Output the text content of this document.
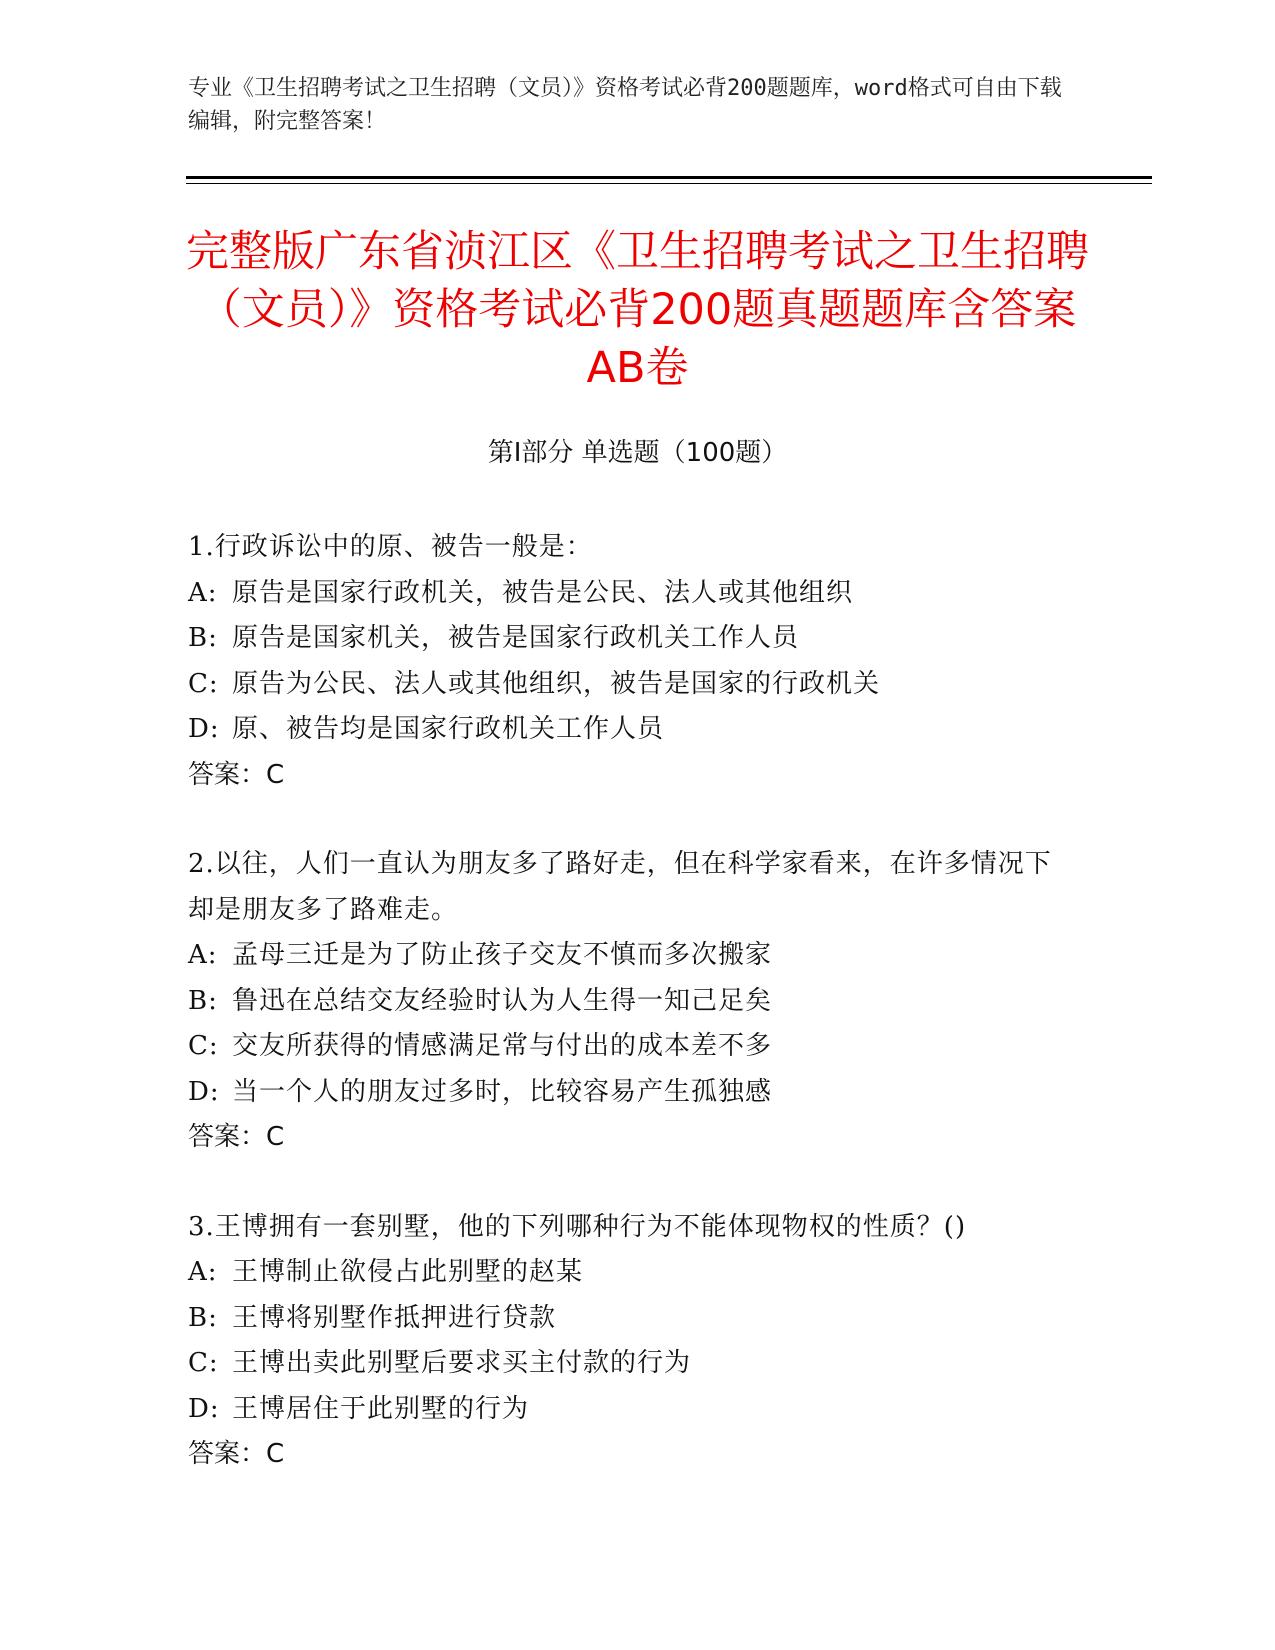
专业《卫生招聘考试之卫生招聘（文员）》资格考试必背200题题库，word格式可自由下载编辑，附完整答案！
完整版广东省浈江区《卫生招聘考试之卫生招聘（文员）》资格考试必背200题真题题库含答案AB卷
第I部分 单选题（100题）
1.行政诉讼中的原、被告一般是：
A: 原告是国家行政机关，被告是公民、法人或其他组织
B: 原告是国家机关，被告是国家行政机关工作人员
C: 原告为公民、法人或其他组织，被告是国家的行政机关
D: 原、被告均是国家行政机关工作人员
答案：C
2.以往，人们一直认为朋友多了路好走，但在科学家看来，在许多情况下却是朋友多了路难走。
A: 孟母三迁是为了防止孩子交友不慎而多次搬家
B: 鲁迅在总结交友经验时认为人生得一知己足矣
C: 交友所获得的情感满足常与付出的成本差不多
D: 当一个人的朋友过多时，比较容易产生孤独感
答案：C
3.王博拥有一套别墅，他的下列哪种行为不能体现物权的性质？()
A: 王博制止欲侵占此别墅的赵某
B: 王博将别墅作抵押进行贷款
C: 王博出卖此别墅后要求买主付款的行为
D: 王博居住于此别墅的行为
答案：C
